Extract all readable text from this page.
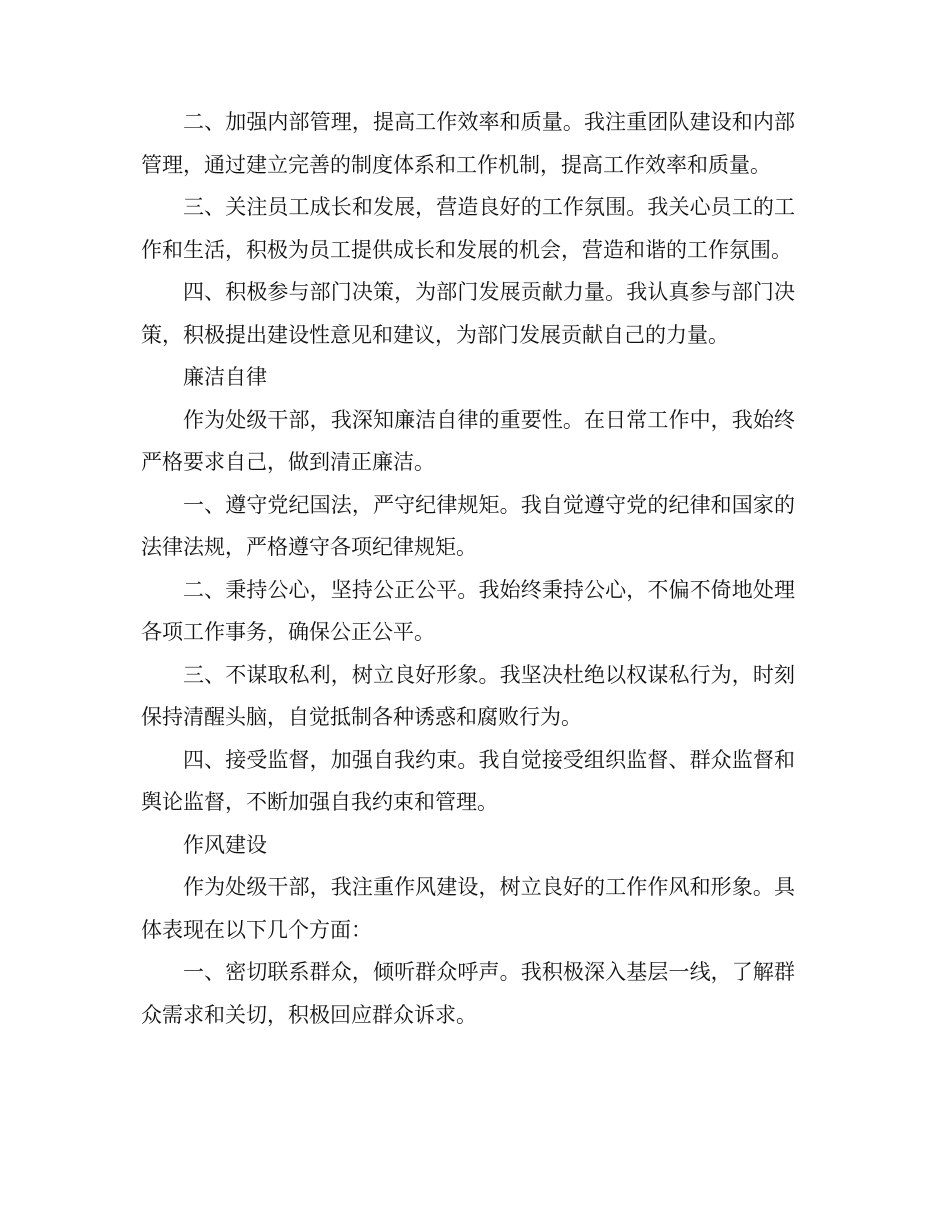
二、加强内部管理，提高工作效率和质量。我注重团队建设和内部管理，通过建立完善的制度体系和工作机制，提高工作效率和质量。

三、关注员工成长和发展，营造良好的工作氛围。我关心员工的工作和生活，积极为员工提供成长和发展的机会，营造和谐的工作氛围。

四、积极参与部门决策，为部门发展贡献力量。我认真参与部门决策，积极提出建设性意见和建议，为部门发展贡献自己的力量。

廉洁自律

作为处级干部，我深知廉洁自律的重要性。在日常工作中，我始终严格要求自己，做到清正廉洁。

一、遵守党纪国法，严守纪律规矩。我自觉遵守党的纪律和国家的法律法规，严格遵守各项纪律规矩。

二、秉持公心，坚持公正公平。我始终秉持公心，不偏不倚地处理各项工作事务，确保公正公平。

三、不谋取私利，树立良好形象。我坚决杜绝以权谋私行为，时刻保持清醒头脑，自觉抵制各种诱惑和腐败行为。

四、接受监督，加强自我约束。我自觉接受组织监督、群众监督和舆论监督，不断加强自我约束和管理。

作风建设

作为处级干部，我注重作风建设，树立良好的工作作风和形象。具体表现在以下几个方面：

一、密切联系群众，倾听群众呼声。我积极深入基层一线，了解群众需求和关切，积极回应群众诉求。
